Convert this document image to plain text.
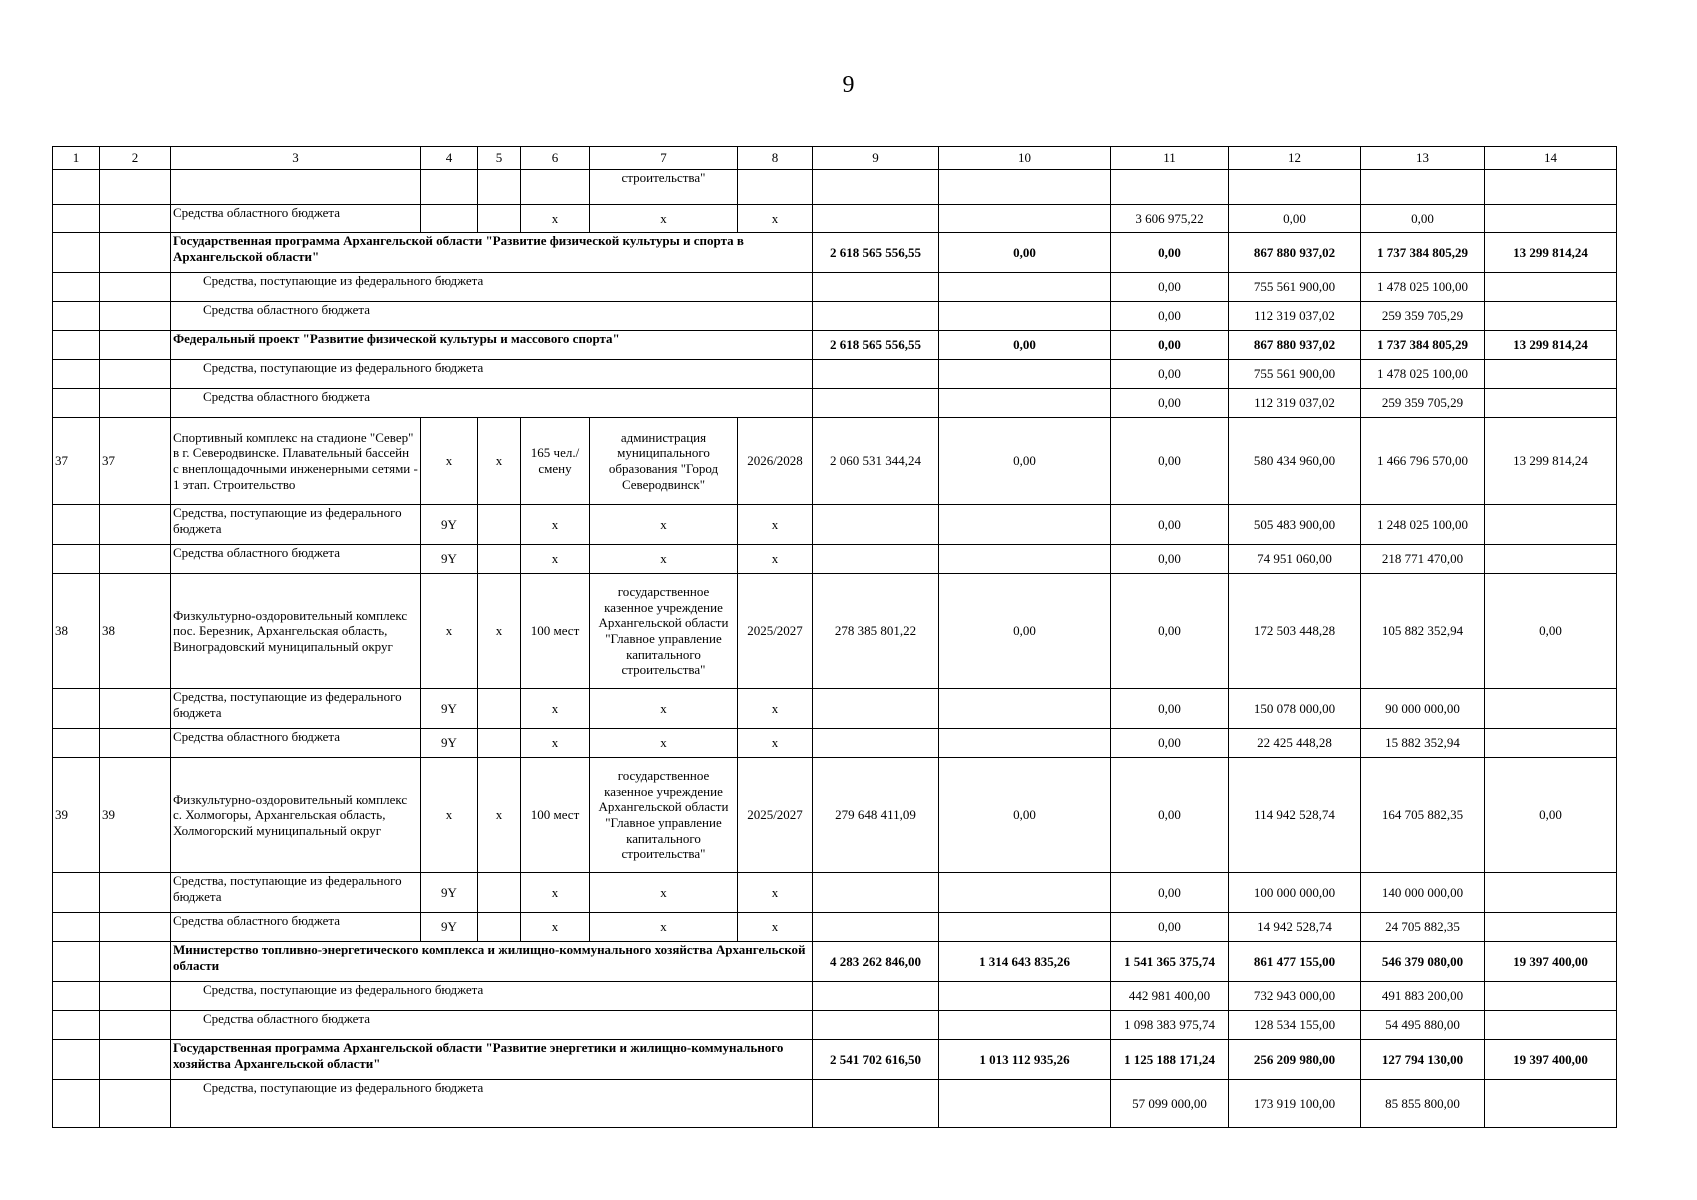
9
1	2	3	4	5	6	7	8	9	10	11	12	13	14
						строительства"							
		Средства областного бюджета			x	x	x			3 606 975,22	0,00	0,00	
		Государственная программа Архангельской области "Развитие физической культуры и спорта в Архангельской области"						2 618 565 556,55	0,00	0,00	867 880 937,02	1 737 384 805,29	13 299 814,24
		Средства, поступающие из федерального бюджета								0,00	755 561 900,00	1 478 025 100,00	
		Средства областного бюджета								0,00	112 319 037,02	259 359 705,29	
		Федеральный проект "Развитие физической культуры и массового спорта"						2 618 565 556,55	0,00	0,00	867 880 937,02	1 737 384 805,29	13 299 814,24
		Средства, поступающие из федерального бюджета								0,00	755 561 900,00	1 478 025 100,00	
		Средства областного бюджета								0,00	112 319 037,02	259 359 705,29	
37	37	Спортивный комплекс на стадионе "Север" в г. Северодвинске. Плавательный бассейн с внеплощадочными инженерными сетями - 1 этап. Строительство	x	x	165 чел./смену	администрация муниципального образования "Город Северодвинск"	2026/2028	2 060 531 344,24	0,00	0,00	580 434 960,00	1 466 796 570,00	13 299 814,24
		Средства, поступающие из федерального бюджета	9Y		x	x	x			0,00	505 483 900,00	1 248 025 100,00	
		Средства областного бюджета	9Y		x	x	x			0,00	74 951 060,00	218 771 470,00	
38	38	Физкультурно-оздоровительный комплекс пос. Березник, Архангельская область, Виноградовский муниципальный округ	x	x	100 мест	государственное казенное учреждение Архангельской области "Главное управление капитального строительства"	2025/2027	278 385 801,22	0,00	0,00	172 503 448,28	105 882 352,94	0,00
		Средства, поступающие из федерального бюджета	9Y		x	x	x			0,00	150 078 000,00	90 000 000,00	
		Средства областного бюджета	9Y		x	x	x			0,00	22 425 448,28	15 882 352,94	
39	39	Физкультурно-оздоровительный комплекс с. Холмогоры, Архангельская область, Холмогорский муниципальный округ	x	x	100 мест	государственное казенное учреждение Архангельской области "Главное управление капитального строительства"	2025/2027	279 648 411,09	0,00	0,00	114 942 528,74	164 705 882,35	0,00
		Средства, поступающие из федерального бюджета	9Y		x	x	x			0,00	100 000 000,00	140 000 000,00	
		Средства областного бюджета	9Y		x	x	x			0,00	14 942 528,74	24 705 882,35	
		Министерство топливно-энергетического комплекса и жилищно-коммунального хозяйства Архангельской области						4 283 262 846,00	1 314 643 835,26	1 541 365 375,74	861 477 155,00	546 379 080,00	19 397 400,00
		Средства, поступающие из федерального бюджета								442 981 400,00	732 943 000,00	491 883 200,00	
		Средства областного бюджета								1 098 383 975,74	128 534 155,00	54 495 880,00	
		Государственная программа Архангельской области "Развитие энергетики и жилищно-коммунального хозяйства Архангельской области"						2 541 702 616,50	1 013 112 935,26	1 125 188 171,24	256 209 980,00	127 794 130,00	19 397 400,00
		Средства, поступающие из федерального бюджета								57 099 000,00	173 919 100,00	85 855 800,00	
